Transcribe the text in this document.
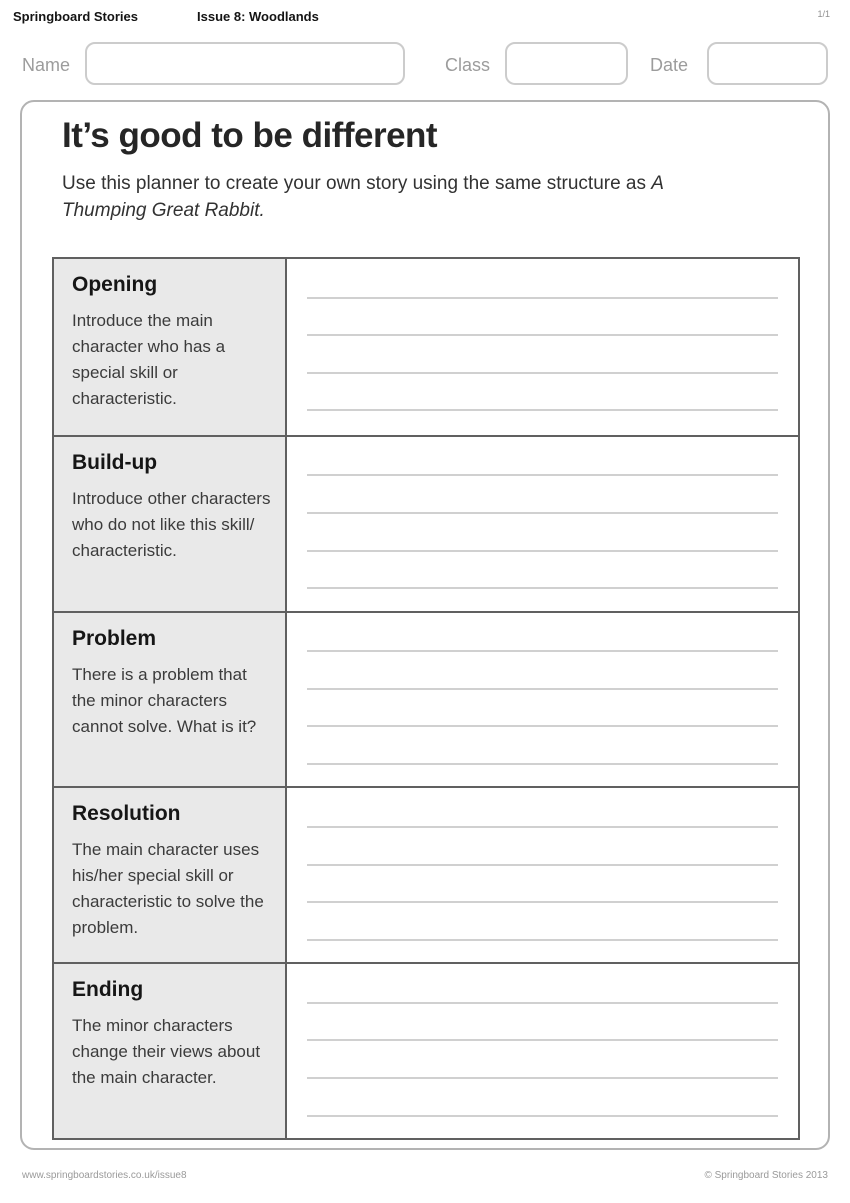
Springboard Stories	Issue 8: Woodlands	1/1
Name	Class	Date
It’s good to be different

Use this planner to create your own story using the same structure as A Thumping Great Rabbit.

Opening

Introduce the main character who has a special skill or characteristic.

Build-up

Introduce other characters who do not like this skill/ characteristic.

Problem

There is a problem that the minor characters cannot solve. What is it?

Resolution

The main character uses his/her special skill or characteristic to solve the problem.

Ending

The minor characters change their views about the main character.

www.springboardstories.co.uk/issue8	© Springboard Stories 2013
